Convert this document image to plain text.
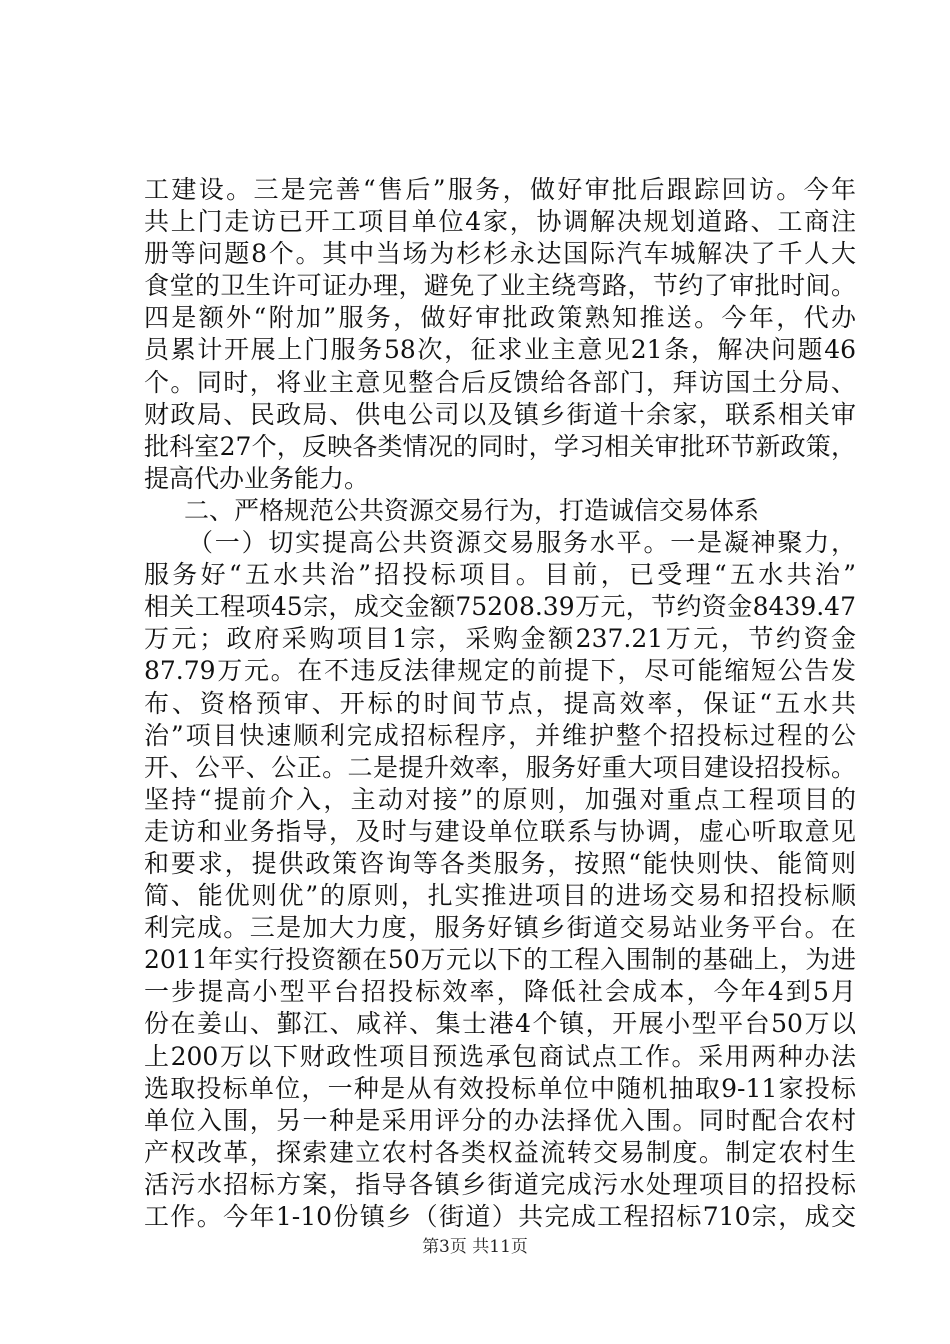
工建设。三是完善“售后”服务，做好审批后跟踪回访。今年
共上门走访已开工项目单位4家，协调解决规划道路、工商注
册等问题8个。其中当场为杉杉永达国际汽车城解决了千人大
食堂的卫生许可证办理，避免了业主绕弯路，节约了审批时间。
四是额外“附加”服务，做好审批政策熟知推送。今年，代办
员累计开展上门服务58次，征求业主意见21条，解决问题46
个。同时，将业主意见整合后反馈给各部门，拜访国土分局、
财政局、民政局、供电公司以及镇乡街道十余家，联系相关审
批科室27个，反映各类情况的同时，学习相关审批环节新政策，
提高代办业务能力。
二、严格规范公共资源交易行为，打造诚信交易体系
（一）切实提高公共资源交易服务水平。一是凝神聚力，
服务好“五水共治”招投标项目。目前，已受理“五水共治”
相关工程项45宗，成交金额75208.39万元，节约资金8439.47
万元；政府采购项目1宗，采购金额237.21万元，节约资金
87.79万元。在不违反法律规定的前提下，尽可能缩短公告发
布、资格预审、开标的时间节点，提高效率，保证“五水共
治”项目快速顺利完成招标程序，并维护整个招投标过程的公
开、公平、公正。二是提升效率，服务好重大项目建设招投标。
坚持“提前介入，主动对接”的原则，加强对重点工程项目的
走访和业务指导，及时与建设单位联系与协调，虚心听取意见
和要求，提供政策咨询等各类服务，按照“能快则快、能简则
简、能优则优”的原则，扎实推进项目的进场交易和招投标顺
利完成。三是加大力度，服务好镇乡街道交易站业务平台。在
2011年实行投资额在50万元以下的工程入围制的基础上，为进
一步提高小型平台招投标效率，降低社会成本，今年4到5月
份在姜山、鄞江、咸祥、集士港4个镇，开展小型平台50万以
上200万以下财政性项目预选承包商试点工作。采用两种办法
选取投标单位，一种是从有效投标单位中随机抽取9-11家投标
单位入围，另一种是采用评分的办法择优入围。同时配合农村
产权改革，探索建立农村各类权益流转交易制度。制定农村生
活污水招标方案，指导各镇乡街道完成污水处理项目的招投标
工作。今年1-10份镇乡（街道）共完成工程招标710宗，成交
第3页 共11页
